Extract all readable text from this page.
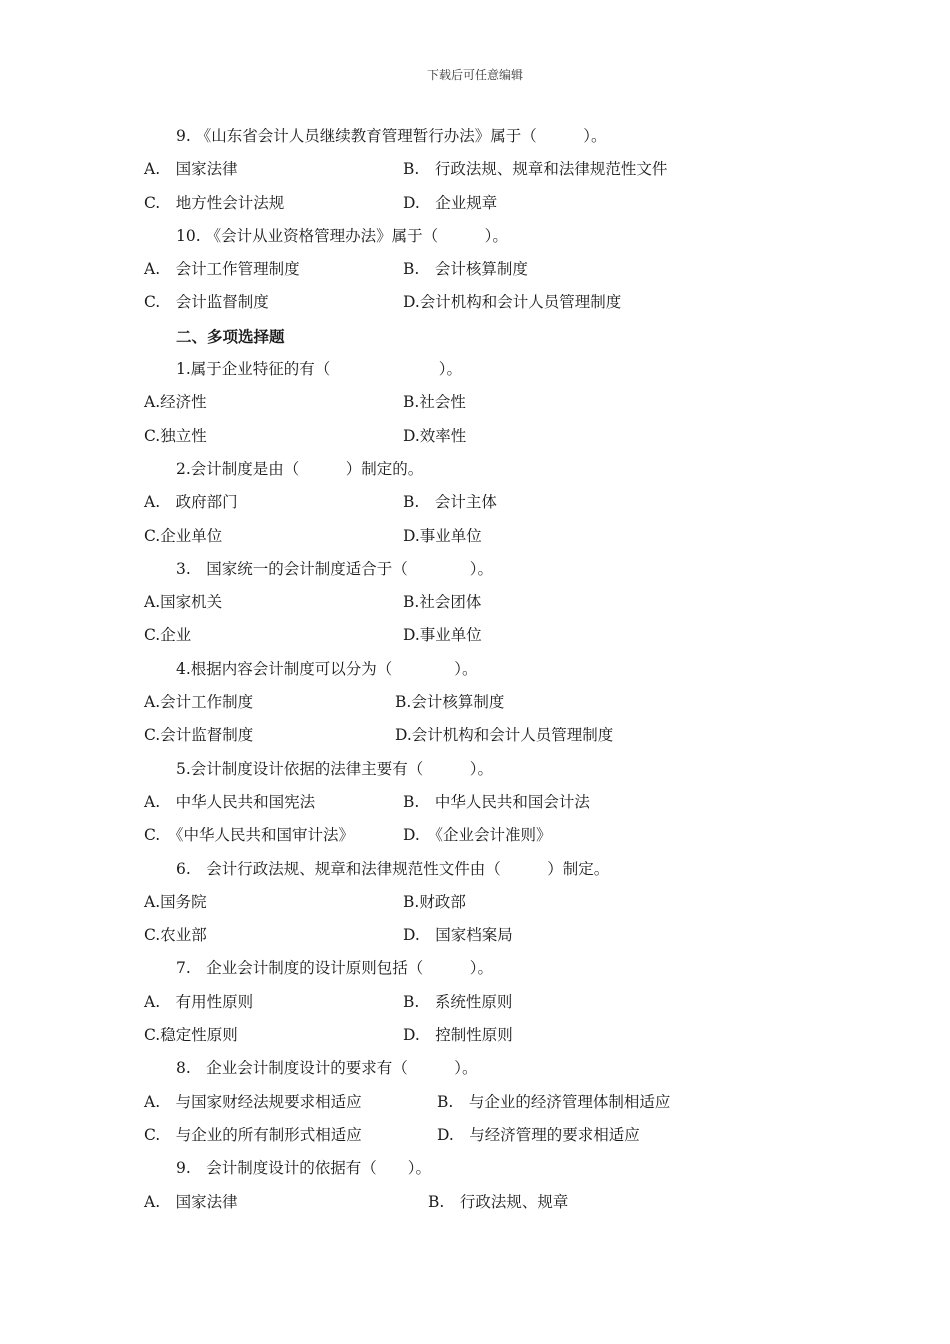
下载后可任意编辑
9. 《山东省会计人员继续教育管理暂行办法》属于（　　　）。
A.　国家法律	B.　行政法规、规章和法律规范性文件
C.　地方性会计法规	D.　企业规章
10. 《会计从业资格管理办法》属于（　　　）。
A.　会计工作管理制度	B.　会计核算制度
C.　会计监督制度	D.会计机构和会计人员管理制度
二、多项选择题
1.属于企业特征的有（　　　　　　　）。
A.经济性	B.社会性
C.独立性	D.效率性
2.会计制度是由（　　　）制定的。
A.　政府部门	B.　会计主体
C.企业单位	D.事业单位
3.　国家统一的会计制度适合于（　　　　）。
A.国家机关	B.社会团体
C.企业	D.事业单位
4.根据内容会计制度可以分为（　　　　）。
A.会计工作制度	B.会计核算制度
C.会计监督制度	D.会计机构和会计人员管理制度
5.会计制度设计依据的法律主要有（　　　）。
A.　中华人民共和国宪法	B.　中华人民共和国会计法
C.　《中华人民共和国审计法》	D.　《企业会计准则》
6.　会计行政法规、规章和法律规范性文件由（　　　）制定。
A.国务院	B.财政部
C.农业部	D.　国家档案局
7.　企业会计制度的设计原则包括（　　　）。
A.　有用性原则	B.　系统性原则
C.稳定性原则	D.　控制性原则
8.　企业会计制度设计的要求有（　　　）。
A.　与国家财经法规要求相适应	B.　与企业的经济管理体制相适应
C.　与企业的所有制形式相适应	D.　与经济管理的要求相适应
9.　会计制度设计的依据有（　　）。
A.　国家法律	B.　行政法规、规章
